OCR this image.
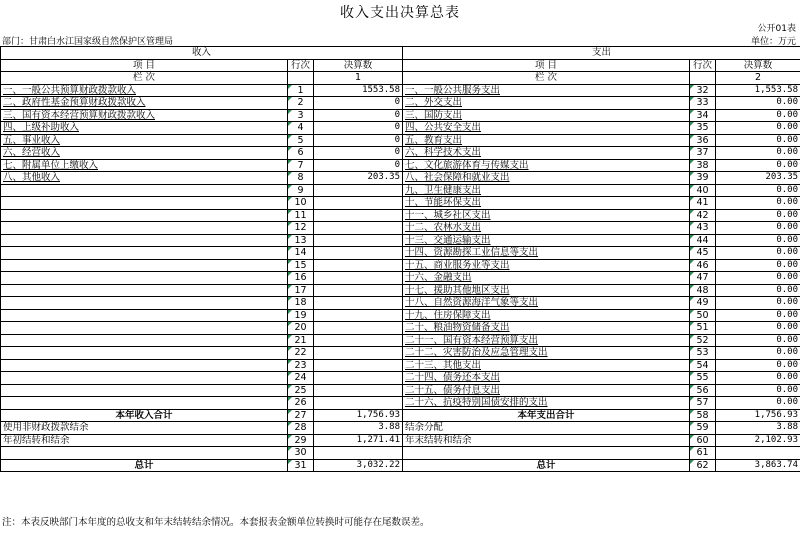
收入支出决算总表
公开01表
部门：甘肃白水江国家级自然保护区管理局	单位：万元
收入			支出		
项 目	行次	决算数	项 目	行次	决算数
栏 次		1	栏 次		2
一、一般公共预算财政拨款收入	1	1553.58	一、一般公共服务支出	32	1,553.58
二、政府性基金预算财政拨款收入	2	0	二、外交支出	33	0.00
三、国有资本经营预算财政拨款收入	3	0	三、国防支出	34	0.00
四、上级补助收入	4	0	四、公共安全支出	35	0.00
五、事业收入	5	0	五、教育支出	36	0.00
六、经营收入	6	0	六、科学技术支出	37	0.00
七、附属单位上缴收入	7	0	七、文化旅游体育与传媒支出	38	0.00
八、其他收入	8	203.35	八、社会保障和就业支出	39	203.35
	9		九、卫生健康支出	40	0.00
	10		十、节能环保支出	41	0.00
	11		十一、城乡社区支出	42	0.00
	12		十二、农林水支出	43	0.00
	13		十三、交通运输支出	44	0.00
	14		十四、资源勘探工业信息等支出	45	0.00
	15		十五、商业服务业等支出	46	0.00
	16		十六、金融支出	47	0.00
	17		十七、援助其他地区支出	48	0.00
	18		十八、自然资源海洋气象等支出	49	0.00
	19		十九、住房保障支出	50	0.00
	20		二十、粮油物资储备支出	51	0.00
	21		二十一、国有资本经营预算支出	52	0.00
	22		二十二、灾害防治及应急管理支出	53	0.00
	23		二十三、其他支出	54	0.00
	24		二十四、债务还本支出	55	0.00
	25		二十五、债务付息支出	56	0.00
	26		二十六、抗疫特别国债安排的支出	57	0.00
本年收入合计	27	1,756.93	本年支出合计	58	1,756.93
使用非财政拨款结余	28	3.88	结余分配	59	3.88
年初结转和结余	29	1,271.41	年末结转和结余	60	2,102.93
	30			61	
总计	31	3,032.22	总计	62	3,863.74
注：本表反映部门本年度的总收支和年末结转结余情况。本套报表金额单位转换时可能存在尾数误差。
